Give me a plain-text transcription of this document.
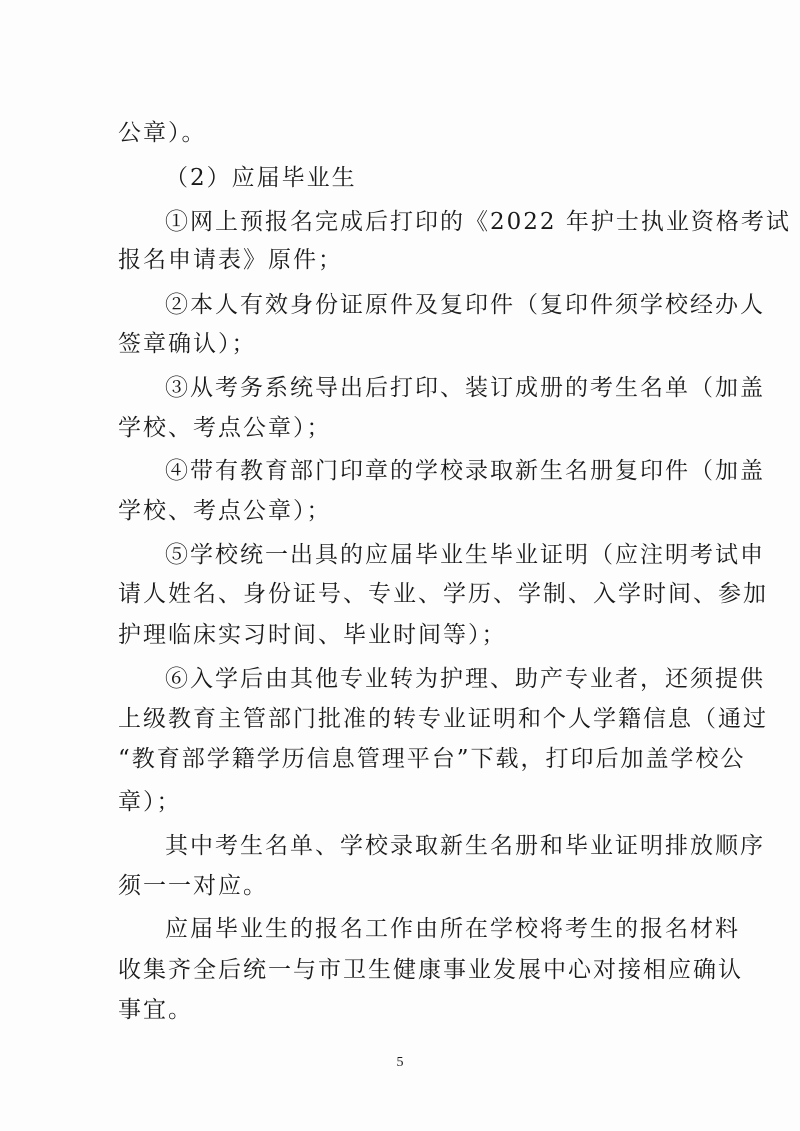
公章）。
（2）应届毕业生
①网上预报名完成后打印的《2022 年护士执业资格考试
报名申请表》原件；
②本人有效身份证原件及复印件（复印件须学校经办人
签章确认）；
③从考务系统导出后打印、装订成册的考生名单（加盖
学校、考点公章）；
④带有教育部门印章的学校录取新生名册复印件（加盖
学校、考点公章）；
⑤学校统一出具的应届毕业生毕业证明（应注明考试申
请人姓名、身份证号、专业、学历、学制、入学时间、参加
护理临床实习时间、毕业时间等）；
⑥入学后由其他专业转为护理、助产专业者，还须提供
上级教育主管部门批准的转专业证明和个人学籍信息（通过
“教育部学籍学历信息管理平台”下载，打印后加盖学校公
章）；
其中考生名单、学校录取新生名册和毕业证明排放顺序
须一一对应。
应届毕业生的报名工作由所在学校将考生的报名材料
收集齐全后统一与市卫生健康事业发展中心对接相应确认
事宜。
5
